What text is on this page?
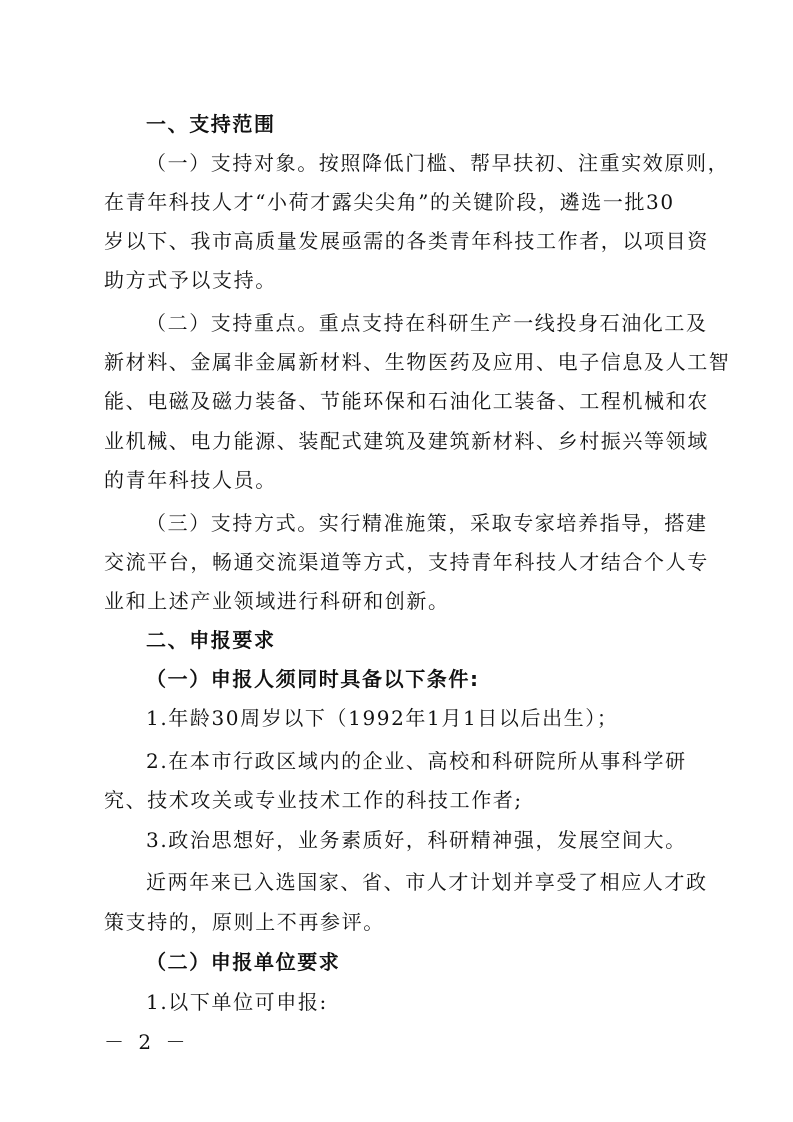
一、支持范围
（一）支持对象。按照降低门槛、帮早扶初、注重实效原则，
在青年科技人才“小荷才露尖尖角”的关键阶段，遴选一批30
岁以下、我市高质量发展亟需的各类青年科技工作者，以项目资
助方式予以支持。
（二）支持重点。重点支持在科研生产一线投身石油化工及
新材料、金属非金属新材料、生物医药及应用、电子信息及人工智
能、电磁及磁力装备、节能环保和石油化工装备、工程机械和农
业机械、电力能源、装配式建筑及建筑新材料、乡村振兴等领域
的青年科技人员。
（三）支持方式。实行精准施策，采取专家培养指导，搭建
交流平台，畅通交流渠道等方式，支持青年科技人才结合个人专
业和上述产业领域进行科研和创新。
二、申报要求
（一）申报人须同时具备以下条件:
1.年龄30周岁以下（1992年1月1日以后出生）；
2.在本市行政区域内的企业、高校和科研院所从事科学研
究、技术攻关或专业技术工作的科技工作者;
3.政治思想好，业务素质好，科研精神强，发展空间大。
近两年来已入选国家、省、市人才计划并享受了相应人才政
策支持的，原则上不再参评。
（二）申报单位要求
1.以下单位可申报:
－ 2 －
